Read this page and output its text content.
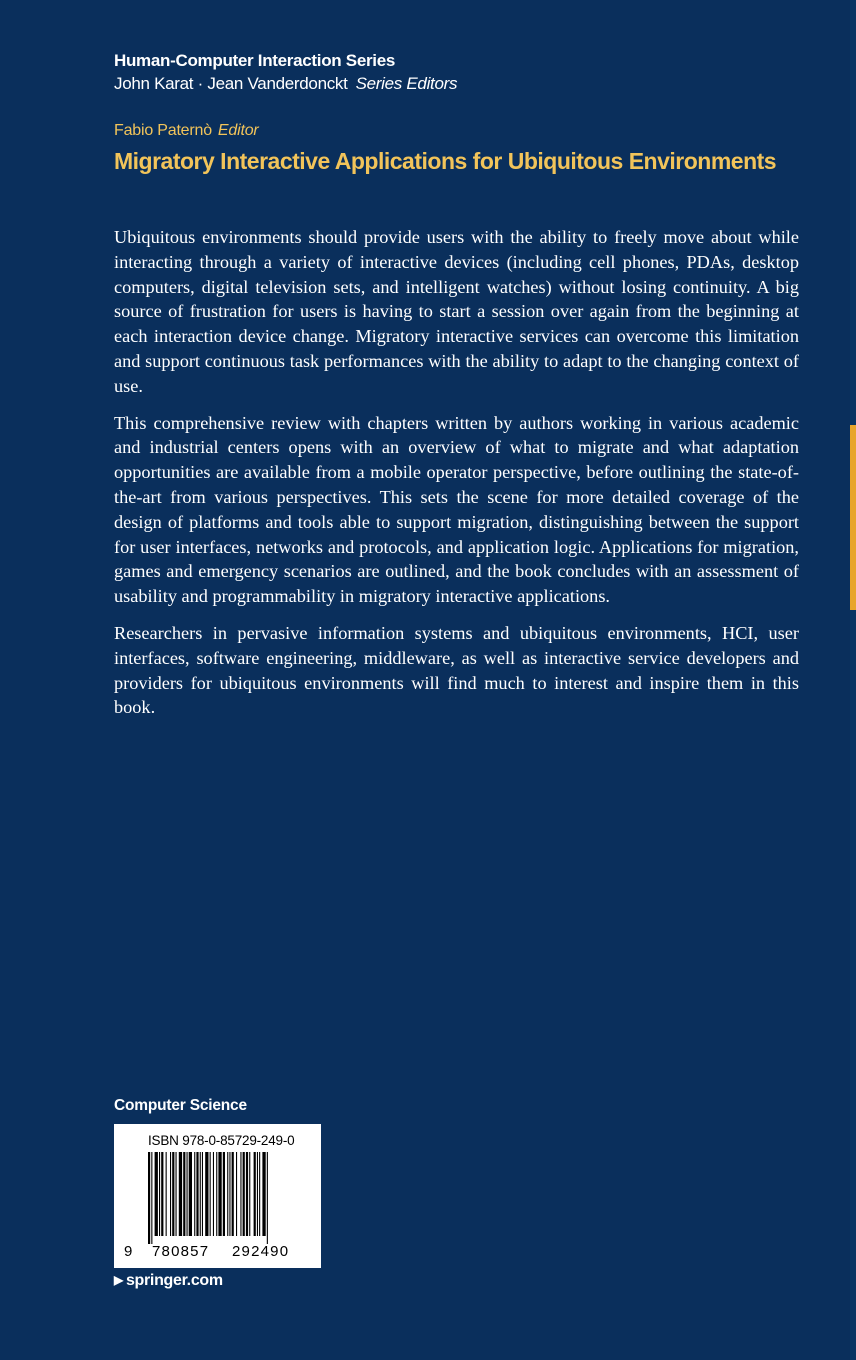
Human-Computer Interaction Series
John Karat · Jean Vanderdonckt Series Editors
Fabio Paternò Editor
Migratory Interactive Applications for Ubiquitous Environments

Ubiquitous environments should provide users with the ability to freely move about while interacting through a variety of interactive devices (including cell phones, PDAs, desktop computers, digital television sets, and intelligent watches) without losing continuity. A big source of frustration for users is having to start a session over again from the beginning at each interaction device change. Migratory interactive services can overcome this limitation and support continuous task performances with the ability to adapt to the changing context of use.

This comprehensive review with chapters written by authors working in various academic and industrial centers opens with an overview of what to migrate and what adaptation opportunities are available from a mobile operator perspective, before outlining the state-of-the-art from various perspectives. This sets the scene for more detailed coverage of the design of platforms and tools able to support migration, distinguishing between the support for user interfaces, networks and protocols, and application logic. Applications for migration, games and emergency scenarios are outlined, and the book concludes with an assessment of usability and programmability in migratory interactive applications.

Researchers in pervasive information systems and ubiquitous environments, HCI, user interfaces, software engineering, middleware, as well as interactive service developers and providers for ubiquitous environments will find much to interest and inspire them in this book.

Computer Science
ISBN 978-0-85729-249-0
9 780857 292490
▶ springer.com
